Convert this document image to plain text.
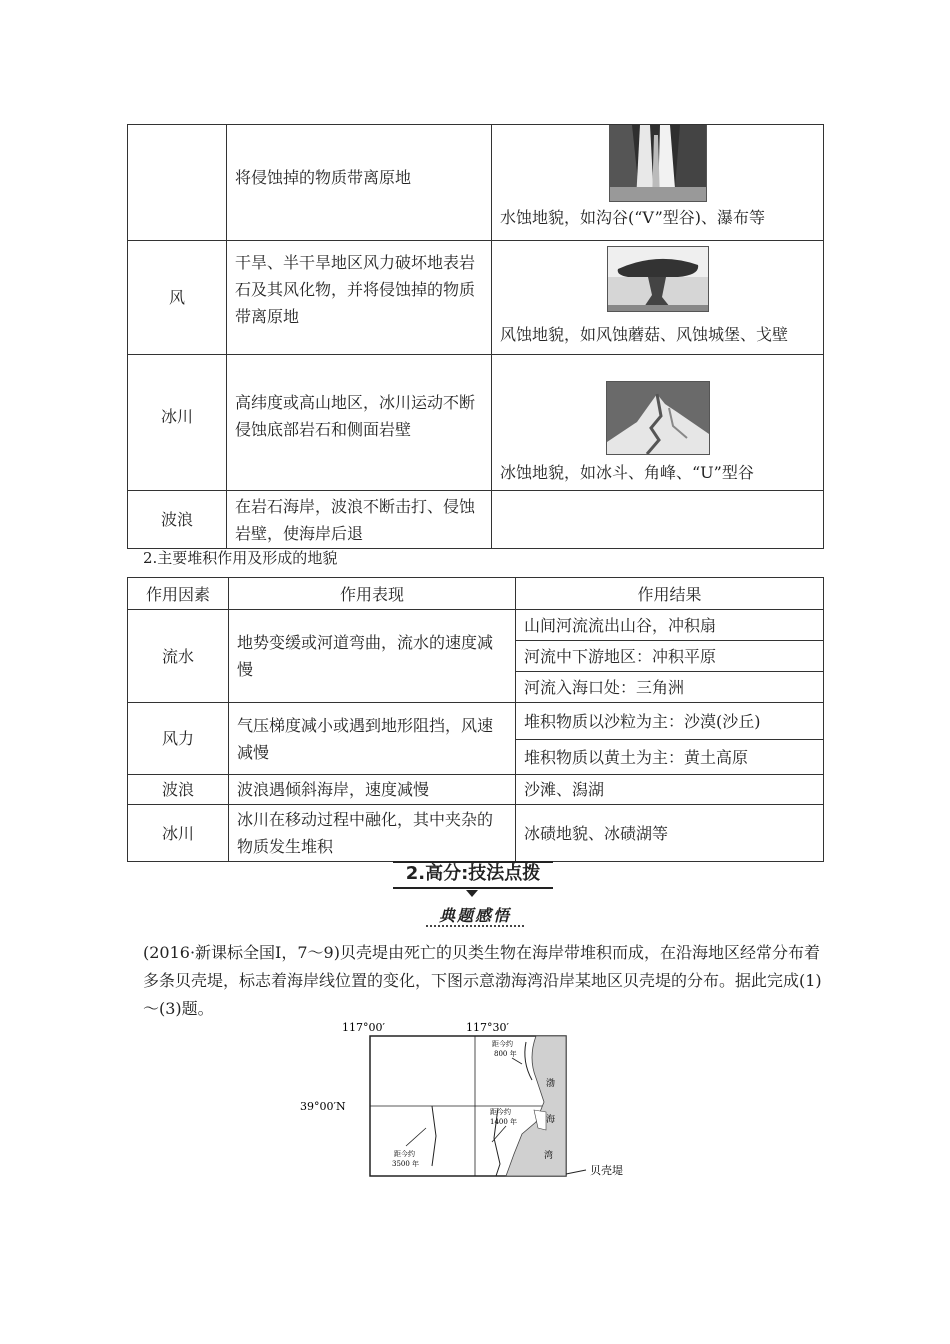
	将侵蚀掉的物质带离原地	水蚀地貌，如沟谷(“V”型谷)、瀑布等

风	干旱、半干旱地区风力破坏地表岩石及其风化物，并将侵蚀掉的物质带离原地	风蚀地貌，如风蚀蘑菇、风蚀城堡、戈壁

冰川	高纬度或高山地区，冰川运动不断侵蚀底部岩石和侧面岩壁	冰蚀地貌，如冰斗、角峰、“U”型谷

波浪	在岩石海岸，波浪不断击打、侵蚀岩壁，使海岸后退	
2.主要堆积作用及形成的地貌
作用因素	作用表现	作用结果
流水	地势变缓或河道弯曲，流水的速度减慢	山间河流流出山谷，冲积扇
河流中下游地区：冲积平原
河流入海口处：三角洲

风力	气压梯度减小或遇到地形阻挡，风速减慢	堆积物质以沙粒为主：沙漠(沙丘)
堆积物质以黄土为主：黄土高原

波浪	波浪遇倾斜海岸，速度减慢	沙滩、潟湖
冰川	冰川在移动过程中融化，其中夹杂的物质发生堆积	冰碛地貌、冰碛湖等
2.高分:技法点拨
典题感悟
(2016·新课标全国Ⅰ，7～9)贝壳堤由死亡的贝类生物在海岸带堆积而成，在沿海地区经常分布着多条贝壳堤，标志着海岸线位置的变化，下图示意渤海湾沿岸某地区贝壳堤的分布。据此完成(1)～(3)题。
117°00′	117°30′
39°00′N
距今约
800 年
距今约
1400 年
距今约
3500 年
渤
海
湾
贝壳堤
